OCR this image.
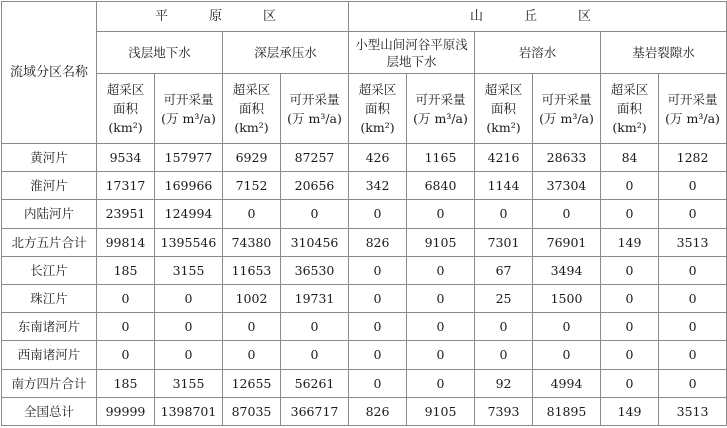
流域分区名称	平　原　区				山　丘　区					
	浅层地下水		深层承压水		小型山间河谷平原浅层地下水		岩溶水		基岩裂隙水	
	超采区面积(km²)	可开采量(万 m³/a)	超采区面积(km²)	可开采量(万 m³/a)	超采区面积(km²)	可开采量(万 m³/a)	超采区面积(km²)	可开采量(万 m³/a)	超采区面积(km²)	可开采量(万 m³/a)
黄河片	9534	157977	6929	87257	426	1165	4216	28633	84	1282
淮河片	17317	169966	7152	20656	342	6840	1144	37304	0	0
内陆河片	23951	124994	0	0	0	0	0	0	0	0
北方五片合计	99814	1395546	74380	310456	826	9105	7301	76901	149	3513
长江片	185	3155	11653	36530	0	0	67	3494	0	0
珠江片	0	0	1002	19731	0	0	25	1500	0	0
东南诸河片	0	0	0	0	0	0	0	0	0	0
西南诸河片	0	0	0	0	0	0	0	0	0	0
南方四片合计	185	3155	12655	56261	0	0	92	4994	0	0
全国总计	99999	1398701	87035	366717	826	9105	7393	81895	149	3513
